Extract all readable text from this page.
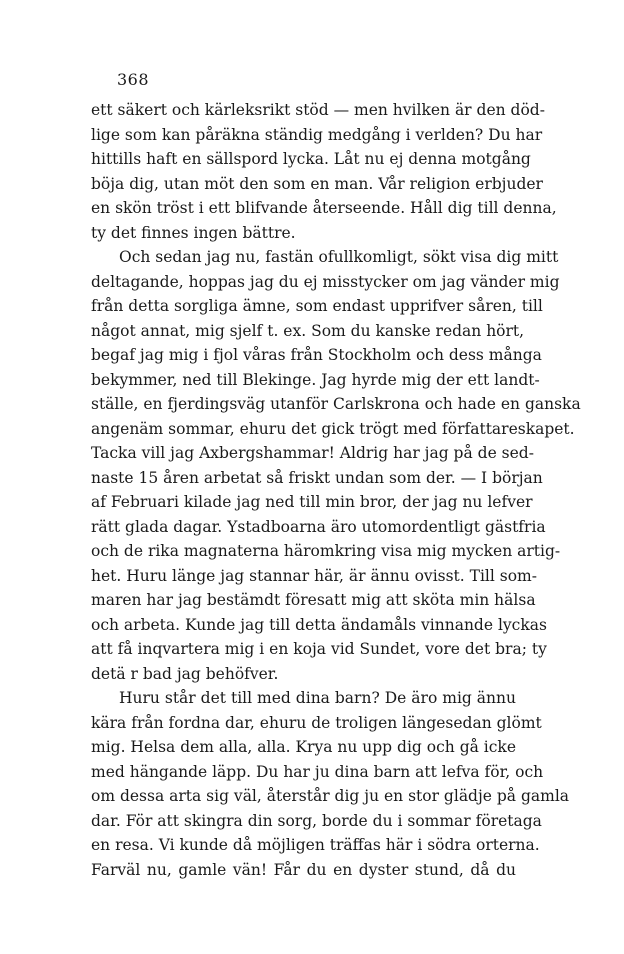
368
ett säkert och kärleksrikt stöd — men hvilken är den död-
lige som kan påräkna ständig medgång i verlden? Du har
hittills haft en sällspord lycka. Låt nu ej denna motgång
böja dig, utan möt den som en man. Vår religion erbjuder
en skön tröst i ett blifvande återseende. Håll dig till denna,
ty det finnes ingen bättre.
Och sedan jag nu, fastän ofullkomligt, sökt visa dig mitt
deltagande, hoppas jag du ej misstycker om jag vänder mig
från detta sorgliga ämne, som endast upprifver såren, till
något annat, mig sjelf t. ex. Som du kanske redan hört,
begaf jag mig i fjol våras från Stockholm och dess många
bekymmer, ned till Blekinge. Jag hyrde mig der ett landt-
ställe, en fjerdingsväg utanför Carlskrona och hade en ganska
angenäm sommar, ehuru det gick trögt med författareskapet.
Tacka vill jag Axbergshammar! Aldrig har jag på de sed-
naste 15 åren arbetat så friskt undan som der. — I början
af Februari kilade jag ned till min bror, der jag nu lefver
rätt glada dagar. Ystadboarna äro utomordentligt gästfria
och de rika magnaterna häromkring visa mig mycken artig-
het. Huru länge jag stannar här, är ännu ovisst. Till som-
maren har jag bestämdt föresatt mig att sköta min hälsa
och arbeta. Kunde jag till detta ändamåls vinnande lyckas
att få inqvartera mig i en koja vid Sundet, vore det bra; ty
detä r bad jag behöfver.
Huru står det till med dina barn? De äro mig ännu
kära från fordna dar, ehuru de troligen längesedan glömt
mig. Helsa dem alla, alla. Krya nu upp dig och gå icke
med hängande läpp. Du har ju dina barn att lefva för, och
om dessa arta sig väl, återstår dig ju en stor glädje på gamla
dar. För att skingra din sorg, borde du i sommar företaga
en resa. Vi kunde då möjligen träffas här i södra orterna.
Farväl nu, gamle vän! Får du en dyster stund, då du
